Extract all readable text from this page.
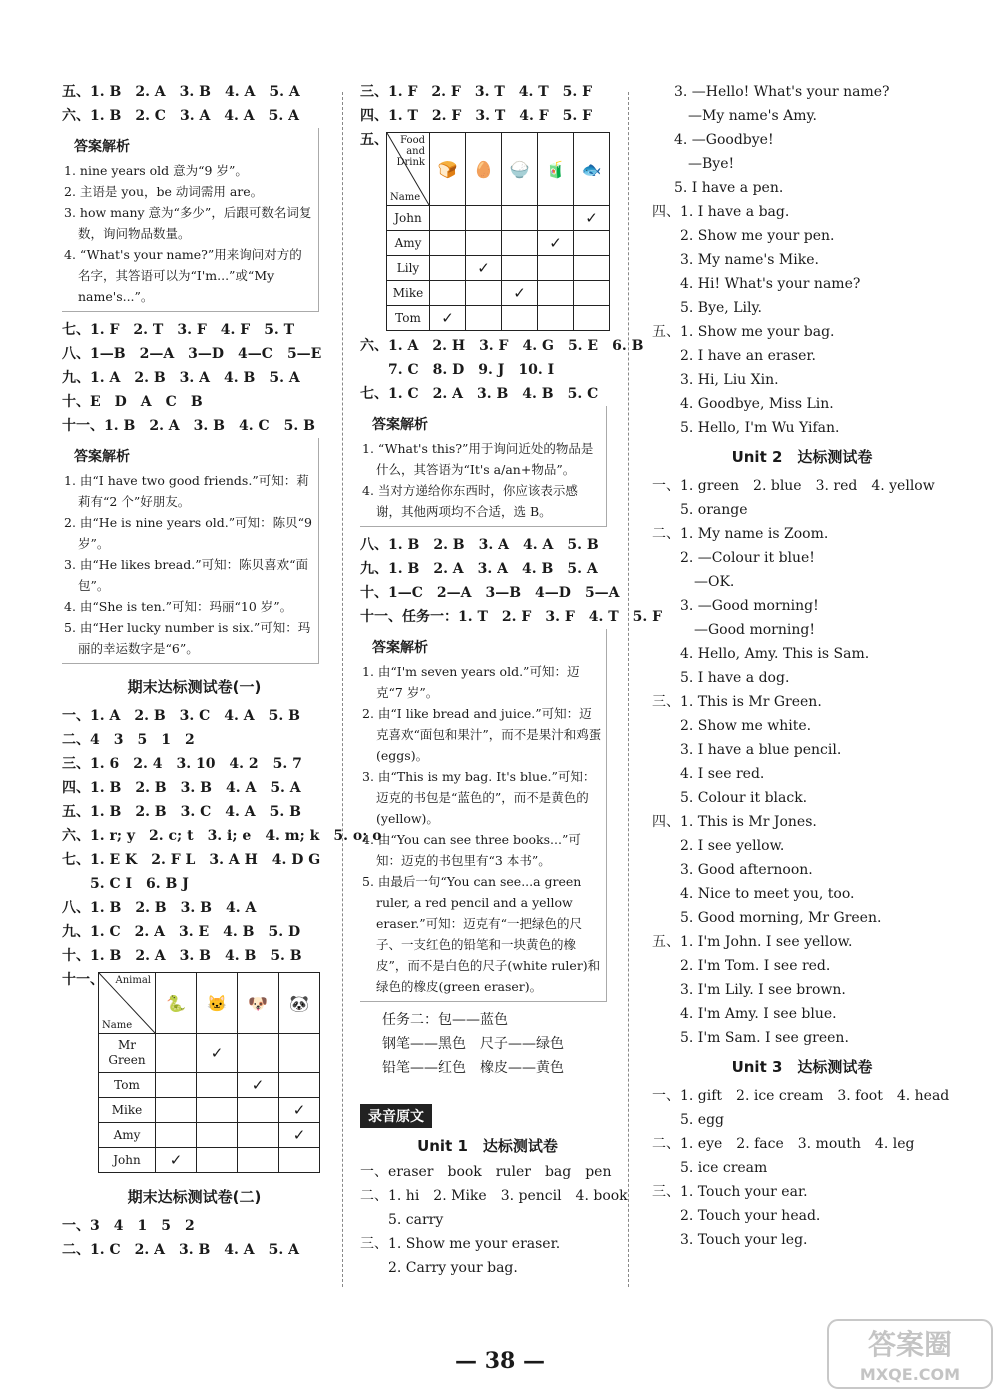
五、1. B　2. A　3. B　4. A　5. A
六、1. B　2. C　3. A　4. A　5. A
答案解析
1. nine years old 意为“9 岁”。
2. 主语是 you，be 动词需用 are。
3. how many 意为“多少”，后跟可数名词复数，询问物品数量。
4. “What's your name?”用来询问对方的名字，其答语可以为“I'm...”或“My name's...”。
七、1. F　2. T　3. F　4. F　5. T
八、1—B　2—A　3—D　4—C　5—E
九、1. A　2. B　3. A　4. B　5. A
十、E　D　A　C　B
十一、1. B　2. A　3. B　4. C　5. B
答案解析
1. 由“I have two good friends.”可知：莉莉有“2 个”好朋友。
2. 由“He is nine years old.”可知：陈贝“9 岁”。
3. 由“He likes bread.”可知：陈贝喜欢“面包”。
4. 由“She is ten.”可知：玛丽“10 岁”。
5. 由“Her lucky number is six.”可知：玛丽的幸运数字是“6”。
期末达标测试卷(一)
一、1. A　2. B　3. C　4. A　5. B
二、4　3　5　1　2
三、1. 6　2. 4　3. 10　4. 2　5. 7
四、1. B　2. B　3. B　4. A　5. A
五、1. B　2. B　3. C　4. A　5. B
六、1. r; y　2. c; t　3. i; e　4. m; k　5. o; o
七、1. E K　2. F L　3. A H　4. D G
　　5. C I　6. B J
八、1. B　2. B　3. B　4. A
九、1. C　2. A　3. E　4. B　5. D
十、1. B　2. A　3. B　4. B　5. B
十一、 Animal
Name	🐍	🐱	🐶	🐼
Mr Green		✓		
Tom			✓	
Mike				✓
Amy				✓
John	✓			
期末达标测试卷(二)
一、3　4　1　5　2
二、1. C　2. A　3. B　4. A　5. A
三、1. F　2. F　3. T　4. T　5. F
四、1. T　2. F　3. T　4. F　5. F
五、	Food and Drink
Name	🍞	🥚	🍚	🧃	🐟
John					✓
Amy				✓	
Lily		✓			
Mike			✓		
Tom	✓				
六、1. A　2. H　3. F　4. G　5. E　6. B
　　7. C　8. D　9. J　10. I
七、1. C　2. A　3. B　4. B　5. C
答案解析
1. “What's this?”用于询问近处的物品是什么，其答语为“It's a/an+物品”。
4. 当对方递给你东西时，你应该表示感谢，其他两项均不合适，选 B。
八、1. B　2. B　3. A　4. A　5. B
九、1. B　2. A　3. A　4. B　5. A
十、1—C　2—A　3—B　4—D　5—A
十一、任务一：1. T　2. F　3. F　4. T　5. F
答案解析
1. 由“I'm seven years old.”可知：迈克“7 岁”。
2. 由“I like bread and juice.”可知：迈克喜欢“面包和果汁”，而不是果汁和鸡蛋(eggs)。
3. 由“This is my bag. It's blue.”可知：迈克的书包是“蓝色的”，而不是黄色的(yellow)。
4. 由“You can see three books...”可知：迈克的书包里有“3 本书”。
5. 由最后一句“You can see...a green ruler, a red pencil and a yellow eraser.”可知：迈克有“一把绿色的尺子、一支红色的铅笔和一块黄色的橡皮”，而不是白色的尺子(white ruler)和绿色的橡皮(green eraser)。
任务二：包——蓝色
钢笔——黑色　尺子——绿色
铅笔——红色　橡皮——黄色
录音原文
Unit 1　达标测试卷
一、eraser　book　ruler　bag　pen
二、1. hi　2. Mike　3. pencil　4. book
　　5. carry
三、1. Show me your eraser.
　　2. Carry your bag.
3. —Hello! What's your name?
　—My name's Amy.
4. —Goodbye!
　—Bye!
5. I have a pen.
四、1. I have a bag.
　　2. Show me your pen.
　　3. My name's Mike.
　　4. Hi! What's your name?
　　5. Bye, Lily.
五、1. Show me your bag.
　　2. I have an eraser.
　　3. Hi, Liu Xin.
　　4. Goodbye, Miss Lin.
　　5. Hello, I'm Wu Yifan.
Unit 2　达标测试卷
一、1. green　2. blue　3. red　4. yellow
　　5. orange
二、1. My name is Zoom.
　　2. —Colour it blue!
　　　—OK.
　　3. —Good morning!
　　　—Good morning!
　　4. Hello, Amy. This is Sam.
　　5. I have a dog.
三、1. This is Mr Green.
　　2. Show me white.
　　3. I have a blue pencil.
　　4. I see red.
　　5. Colour it black.
四、1. This is Mr Jones.
　　2. I see yellow.
　　3. Good afternoon.
　　4. Nice to meet you, too.
　　5. Good morning, Mr Green.
五、1. I'm John. I see yellow.
　　2. I'm Tom. I see red.
　　3. I'm Lily. I see brown.
　　4. I'm Amy. I see blue.
　　5. I'm Sam. I see green.
Unit 3　达标测试卷
一、1. gift　2. ice cream　3. foot　4. head
　　5. egg
二、1. eye　2. face　3. mouth　4. leg
　　5. ice cream
三、1. Touch your ear.
　　2. Touch your head.
　　3. Touch your leg.
— 38 —	答案圈
MXQE.COM
